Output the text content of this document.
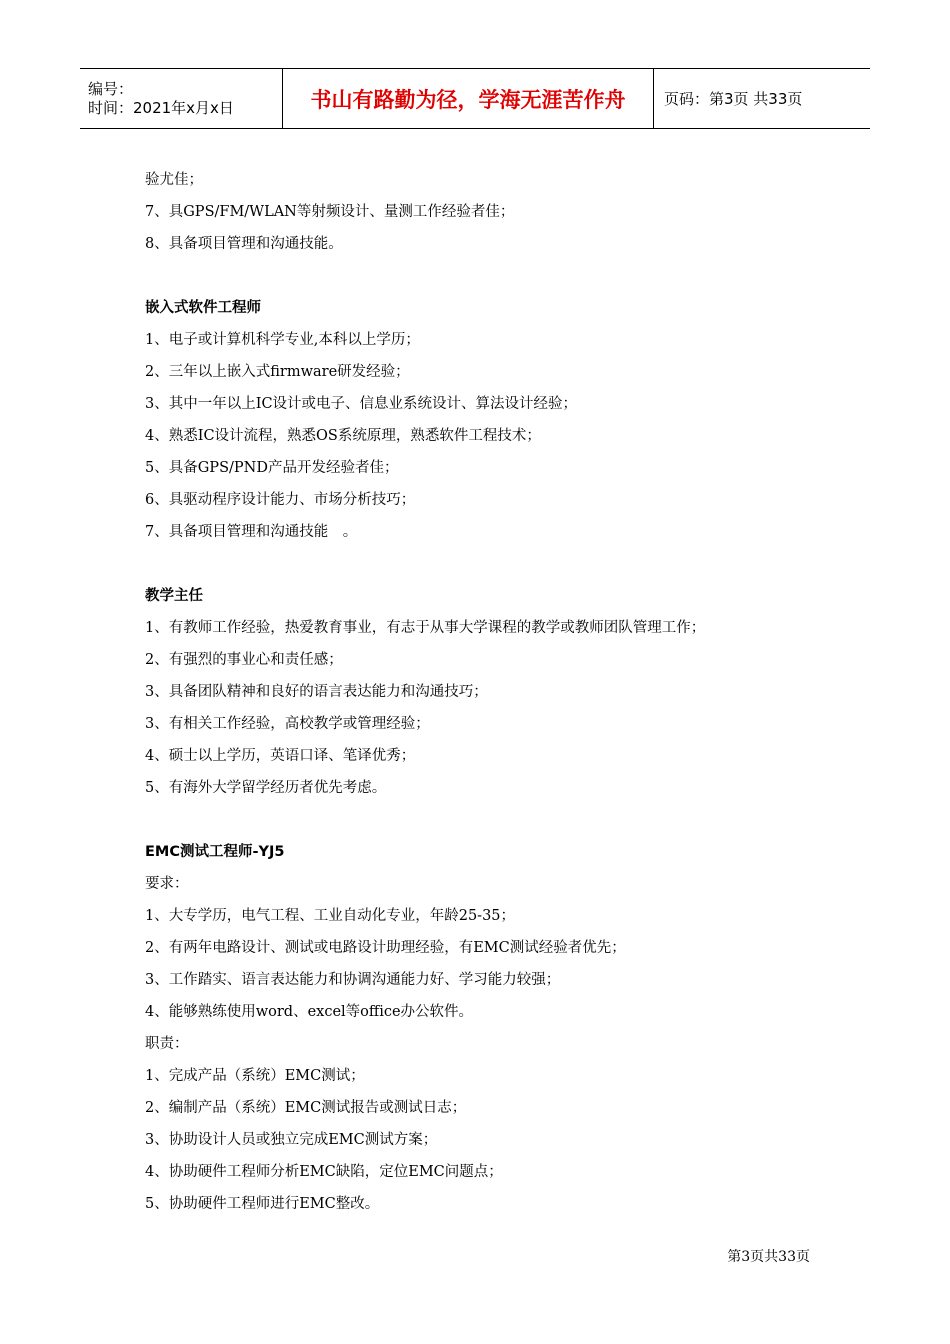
编号：
时间：2021年x月x日	书山有路勤为径，学海无涯苦作舟	页码：第3页 共33页
验尤佳；
7、具GPS/FM/WLAN等射频设计、量测工作经验者佳；
8、具备项目管理和沟通技能。
嵌入式软件工程师
1、电子或计算机科学专业,本科以上学历；
2、三年以上嵌入式firmware研发经验；
3、其中一年以上IC设计或电子、信息业系统设计、算法设计经验；
4、熟悉IC设计流程，熟悉OS系统原理，熟悉软件工程技术；
5、具备GPS/PND产品开发经验者佳；
6、具驱动程序设计能力、市场分析技巧；
7、具备项目管理和沟通技能　。
教学主任
1、有教师工作经验，热爱教育事业，有志于从事大学课程的教学或教师团队管理工作；
2、有强烈的事业心和责任感；
3、具备团队精神和良好的语言表达能力和沟通技巧；
3、有相关工作经验，高校教学或管理经验；
4、硕士以上学历，英语口译、笔译优秀；
5、有海外大学留学经历者优先考虑。
EMC测试工程师-YJ5
要求：
1、大专学历，电气工程、工业自动化专业，年龄25-35；
2、有两年电路设计、测试或电路设计助理经验，有EMC测试经验者优先；
3、工作踏实、语言表达能力和协调沟通能力好、学习能力较强；
4、能够熟练使用word、excel等office办公软件。
职责：
1、完成产品（系统）EMC测试；
2、编制产品（系统）EMC测试报告或测试日志；
3、协助设计人员或独立完成EMC测试方案；
4、协助硬件工程师分析EMC缺陷，定位EMC问题点；
5、协助硬件工程师进行EMC整改。
第3页共33页
